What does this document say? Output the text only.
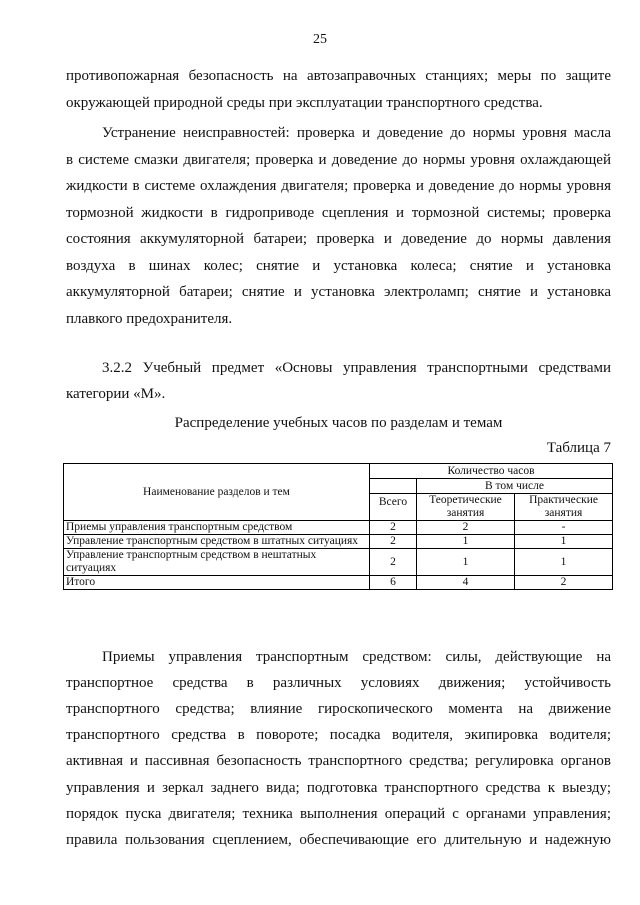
25
противопожарная безопасность на автозаправочных станциях; меры по защите
окружающей природной среды при эксплуатации транспортного средства.
Устранение неисправностей: проверка и доведение до нормы уровня масла
в системе смазки двигателя; проверка и доведение до нормы уровня охлаждающей
жидкости в системе охлаждения двигателя; проверка и доведение до нормы уровня
тормозной жидкости в гидроприводе сцепления и тормозной системы; проверка
состояния аккумуляторной батареи; проверка и доведение до нормы давления
воздуха в шинах колес; снятие и установка колеса; снятие и установка
аккумуляторной батареи; снятие и установка электроламп; снятие и установка
плавкого предохранителя.
3.2.2 Учебный предмет «Основы управления транспортными средствами
категории «М».
Распределение учебных часов по разделам и темам
Таблица 7
Наименование разделов и тем	Количество часов		
		В том числе	
	Всего	Теоретические занятия	Практические занятия
Приемы управления транспортным средством	2	2	-
Управление транспортным средством в штатных ситуациях	2	1	1
Управление транспортным средством в нештатных ситуациях	2	1	1
Итого	6	4	2
Приемы управления транспортным средством: силы, действующие на
транспортное средства в различных условиях движения; устойчивость
транспортного средства; влияние гироскопического момента на движение
транспортного средства в повороте; посадка водителя, экипировка водителя;
активная и пассивная безопасность транспортного средства; регулировка органов
управления и зеркал заднего вида; подготовка транспортного средства к выезду;
порядок пуска двигателя; техника выполнения операций с органами управления;
правила пользования сцеплением, обеспечивающие его длительную и надежную
